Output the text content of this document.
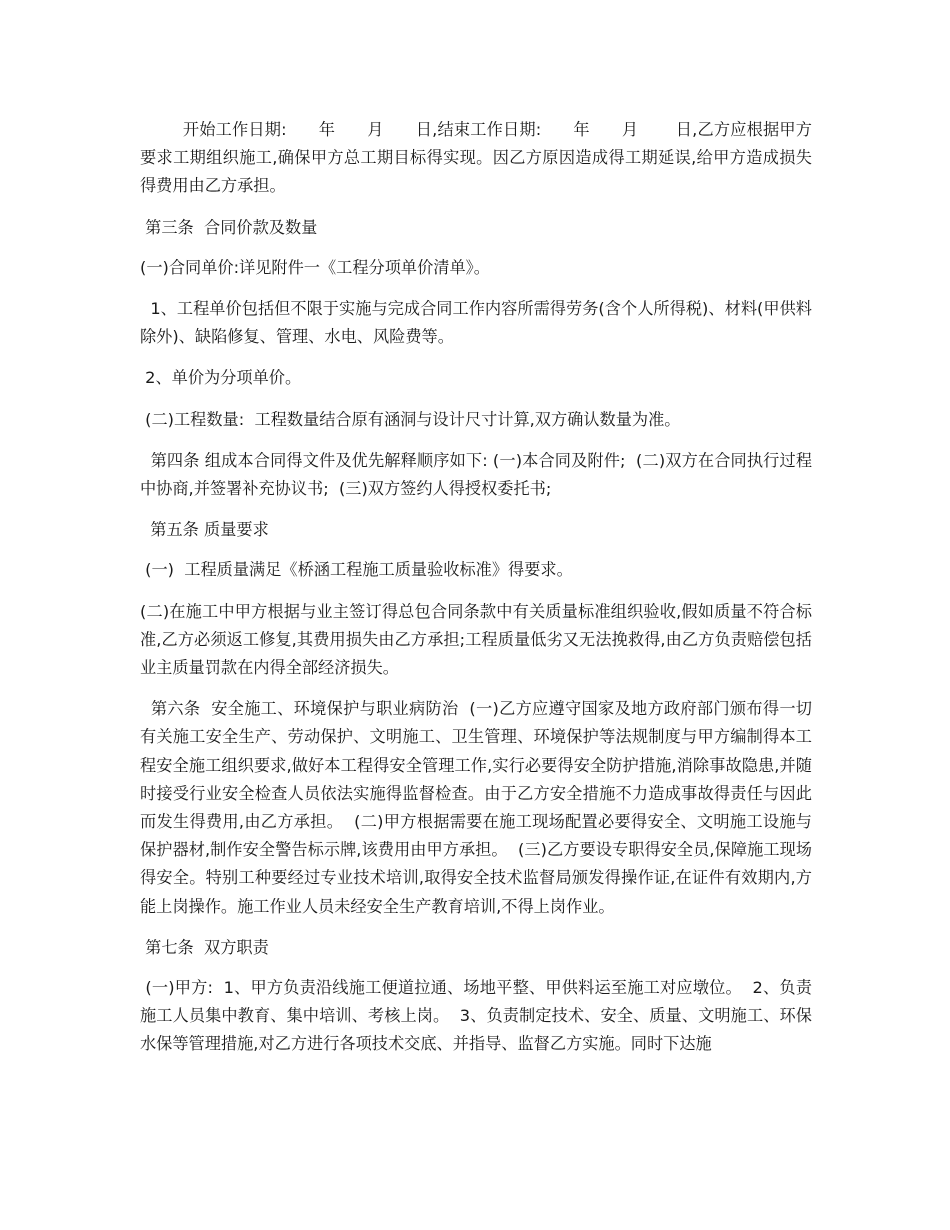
开始工作日期:      年      月      日,结束工作日期:      年      月       日,乙方应根据甲方要求工期组织施工,确保甲方总工期目标得实现。因乙方原因造成得工期延误,给甲方造成损失得费用由乙方承担。

第三条  合同价款及数量

(一)合同单价:详见附件一《工程分项单价清单》。

1、工程单价包括但不限于实施与完成合同工作内容所需得劳务(含个人所得税)、材料(甲供料除外)、缺陷修复、管理、水电、风险费等。

2、单价为分项单价。

(二)工程数量:  工程数量结合原有涵洞与设计尺寸计算,双方确认数量为准。

第四条 组成本合同得文件及优先解释顺序如下: (一)本合同及附件;  (二)双方在合同执行过程中协商,并签署补充协议书;  (三)双方签约人得授权委托书;

第五条 质量要求

(一)  工程质量满足《桥涵工程施工质量验收标准》得要求。

(二)在施工中甲方根据与业主签订得总包合同条款中有关质量标准组织验收,假如质量不符合标准,乙方必须返工修复,其费用损失由乙方承担;工程质量低劣又无法挽救得,由乙方负责赔偿包括业主质量罚款在内得全部经济损失。

第六条  安全施工、环境保护与职业病防治  (一)乙方应遵守国家及地方政府部门颁布得一切有关施工安全生产、劳动保护、文明施工、卫生管理、环境保护等法规制度与甲方编制得本工程安全施工组织要求,做好本工程得安全管理工作,实行必要得安全防护措施,消除事故隐患,并随时接受行业安全检查人员依法实施得监督检查。由于乙方安全措施不力造成事故得责任与因此而发生得费用,由乙方承担。  (二)甲方根据需要在施工现场配置必要得安全、文明施工设施与保护器材,制作安全警告标示牌,该费用由甲方承担。  (三)乙方要设专职得安全员,保障施工现场得安全。特别工种要经过专业技术培训,取得安全技术监督局颁发得操作证,在证件有效期内,方能上岗操作。施工作业人员未经安全生产教育培训,不得上岗作业。

第七条  双方职责

(一)甲方:  1、甲方负责沿线施工便道拉通、场地平整、甲供料运至施工对应墩位。  2、负责施工人员集中教育、集中培训、考核上岗。  3、负责制定技术、安全、质量、文明施工、环保水保等管理措施,对乙方进行各项技术交底、并指导、监督乙方实施。同时下达施
